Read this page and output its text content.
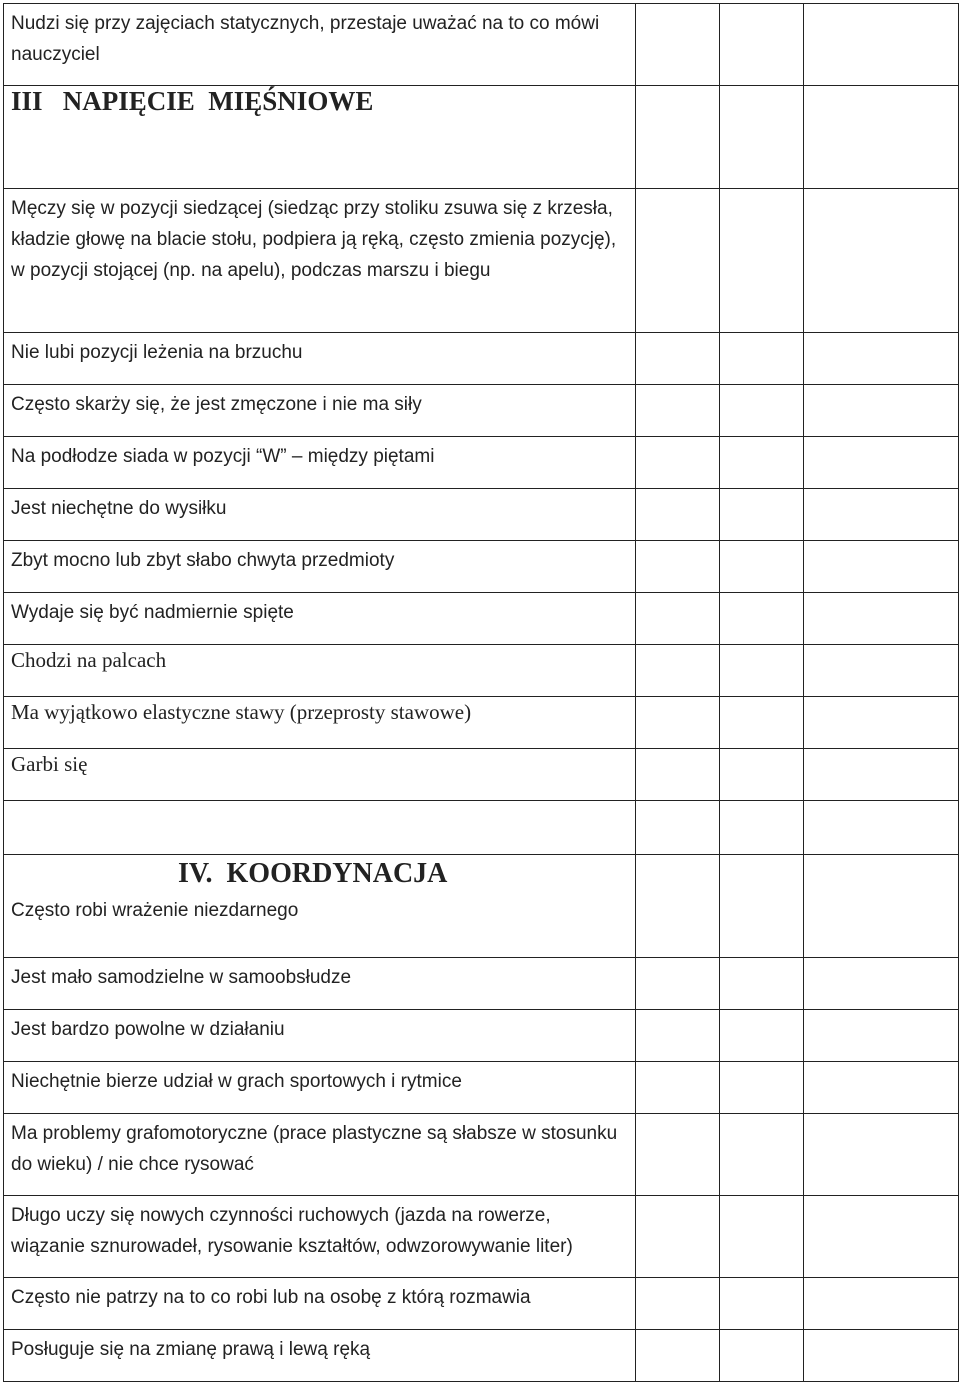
Nudzi się przy zajęciach statycznych, przestaje uważać na to co mówi nauczyciel			
III   NAPIĘCIE  MIĘŚNIOWE			
Męczy się w pozycji siedzącej (siedząc przy stoliku zsuwa się z krzesła, kładzie głowę na blacie stołu, podpiera ją ręką, często zmienia pozycję), w pozycji stojącej (np. na apelu), podczas marszu i biegu			
Nie lubi pozycji leżenia na brzuchu			
Często skarży się, że jest zmęczone i nie ma siły			
Na podłodze siada w pozycji “W” – między piętami			
Jest niechętne do wysiłku			
Zbyt mocno lub zbyt słabo chwyta przedmioty			
Wydaje się być nadmiernie spięte			
Chodzi na palcach			
Ma wyjątkowo elastyczne stawy (przeprosty stawowe)			
Garbi się			

IV.  KOORDYNACJA
Często robi wrażenie niezdarnego			

Jest mało samodzielne w samoobsłudze			
Jest bardzo powolne w działaniu			
Niechętnie bierze udział w grach sportowych i rytmice			
Ma problemy grafomotoryczne (prace plastyczne są słabsze w stosunku do wieku) / nie chce rysować			
Długo uczy się nowych czynności ruchowych (jazda na rowerze, wiązanie sznurowadeł, rysowanie kształtów, odwzorowywanie liter)			
Często nie patrzy na to co robi lub na osobę z którą rozmawia			
Posługuje się na zmianę prawą i lewą ręką			
